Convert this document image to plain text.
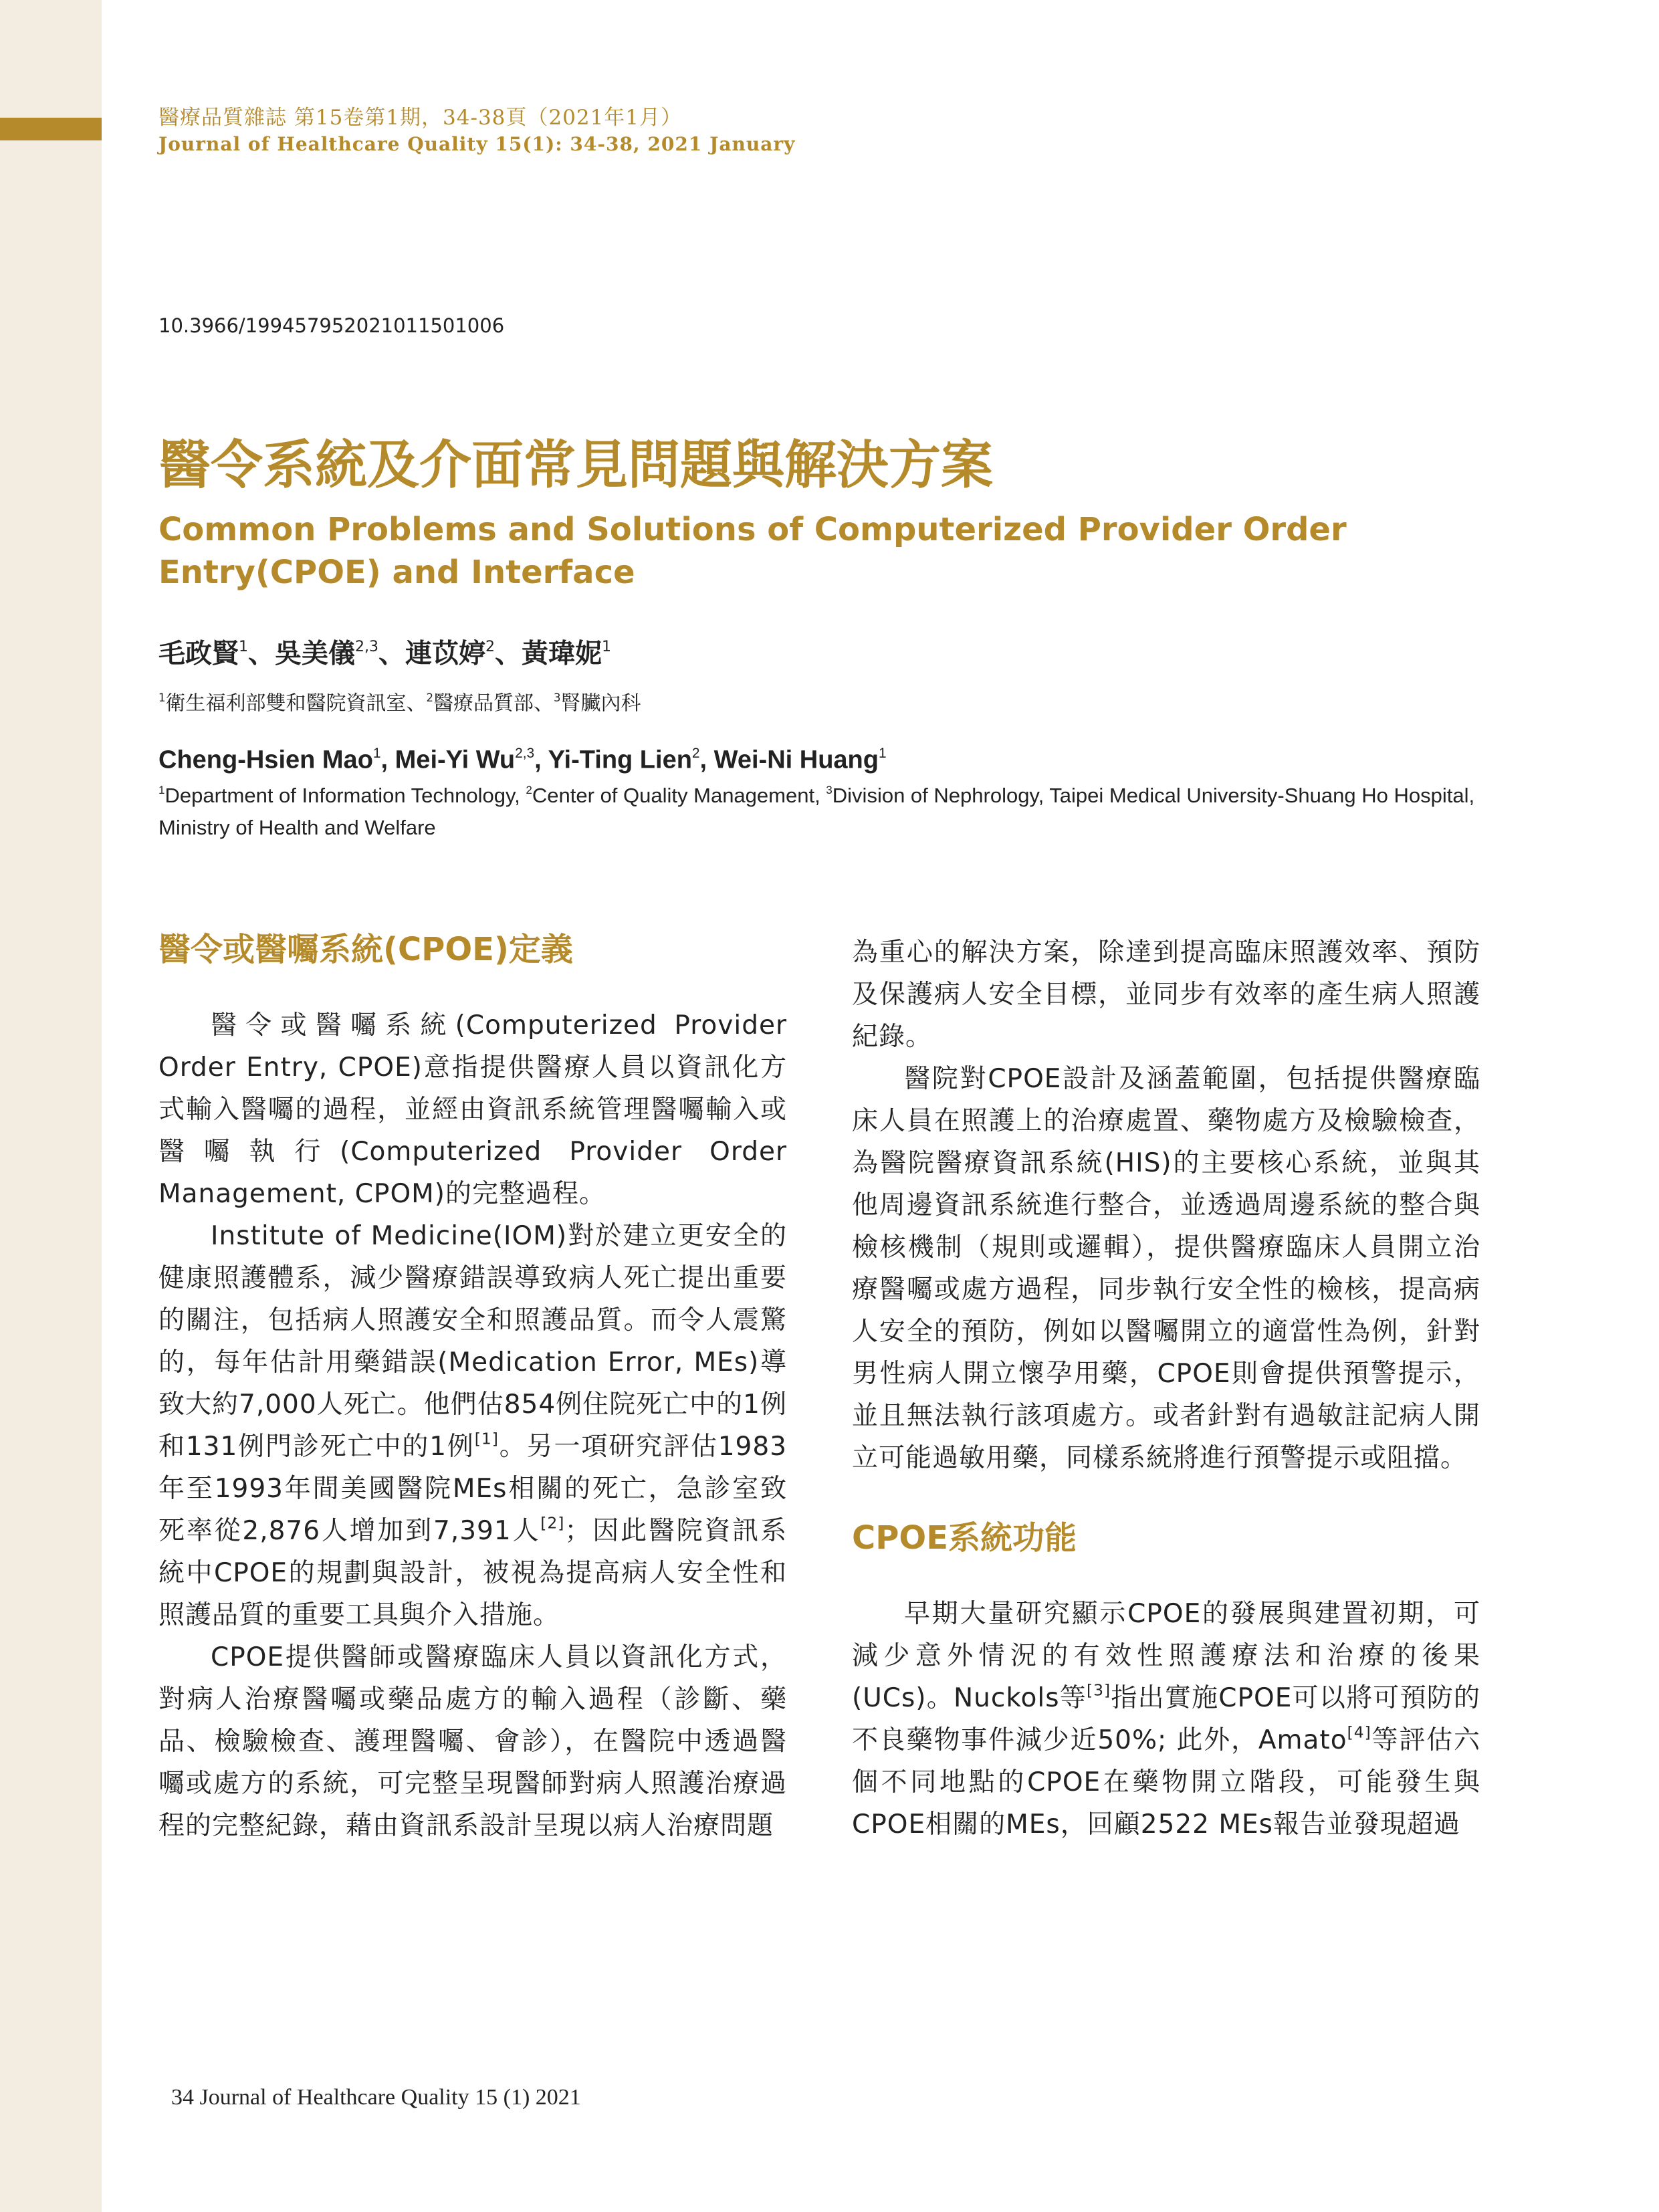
醫療品質雜誌 第15卷第1期，34-38頁（2021年1月）
Journal of Healthcare Quality 15(1): 34-38, 2021 January
10.3966/199457952021011501006
醫令系統及介面常見問題與解決方案
Common Problems and Solutions of Computerized Provider Order Entry(CPOE) and Interface
毛政賢$^1$、吳美儀$^{2,3}$、連苡婷$^2$、黃瑋妮$^1$
$^1$衛生福利部雙和醫院資訊室、$^2$醫療品質部、$^3$腎臟內科
Cheng-Hsien Mao$^1$, Mei-Yi Wu$^{2,3}$, Yi-Ting Lien$^2$, Wei-Ni Huang$^1$
$^1$Department of Information Technology, $^2$Center of Quality Management, $^3$Division of Nephrology, Taipei Medical University-Shuang Ho Hospital, Ministry of Health and Welfare
醫令或醫囑系統(CPOE)定義

醫令或醫囑系統(Computerized Provider Order Entry, CPOE)意指提供醫療人員以資訊化方式輸入醫囑的過程，並經由資訊系統管理醫囑輸入或醫囑執行(Computerized Provider Order Management, CPOM)的完整過程。

Institute of Medicine(IOM)對於建立更安全的健康照護體系，減少醫療錯誤導致病人死亡提出重要的關注，包括病人照護安全和照護品質。而令人震驚的，每年估計用藥錯誤(Medication Error, MEs)導致大約7,000人死亡。他們估854例住院死亡中的1例和131例門診死亡中的1例[1]。另一項研究評估1983年至1993年間美國醫院MEs相關的死亡，急診室致死率從2,876人增加到7,391人[2]；因此醫院資訊系統中CPOE的規劃與設計，被視為提高病人安全性和照護品質的重要工具與介入措施。

CPOE提供醫師或醫療臨床人員以資訊化方式，對病人治療醫囑或藥品處方的輸入過程（診斷、藥品、檢驗檢查、護理醫囑、會診），在醫院中透過醫囑或處方的系統，可完整呈現醫師對病人照護治療過程的完整紀錄，藉由資訊系設計呈現以病人治療問題

為重心的解決方案，除達到提高臨床照護效率、預防及保護病人安全目標，並同步有效率的產生病人照護紀錄。

醫院對CPOE設計及涵蓋範圍，包括提供醫療臨床人員在照護上的治療處置、藥物處方及檢驗檢查，為醫院醫療資訊系統(HIS)的主要核心系統，並與其他周邊資訊系統進行整合，並透過周邊系統的整合與檢核機制（規則或邏輯），提供醫療臨床人員開立治療醫囑或處方過程，同步執行安全性的檢核，提高病人安全的預防，例如以醫囑開立的適當性為例，針對男性病人開立懷孕用藥，CPOE則會提供預警提示，並且無法執行該項處方。或者針對有過敏註記病人開立可能過敏用藥，同樣系統將進行預警提示或阻擋。

CPOE系統功能

早期大量研究顯示CPOE的發展與建置初期，可減少意外情況的有效性照護療法和治療的後果(UCs)。Nuckols等[3]指出實施CPOE可以將可預防的不良藥物事件減少近50%; 此外，Amato[4]等評估六個不同地點的CPOE在藥物開立階段，可能發生與CPOE相關的MEs，回顧2522 MEs報告並發現超過

34 Journal of Healthcare Quality 15 (1) 2021
